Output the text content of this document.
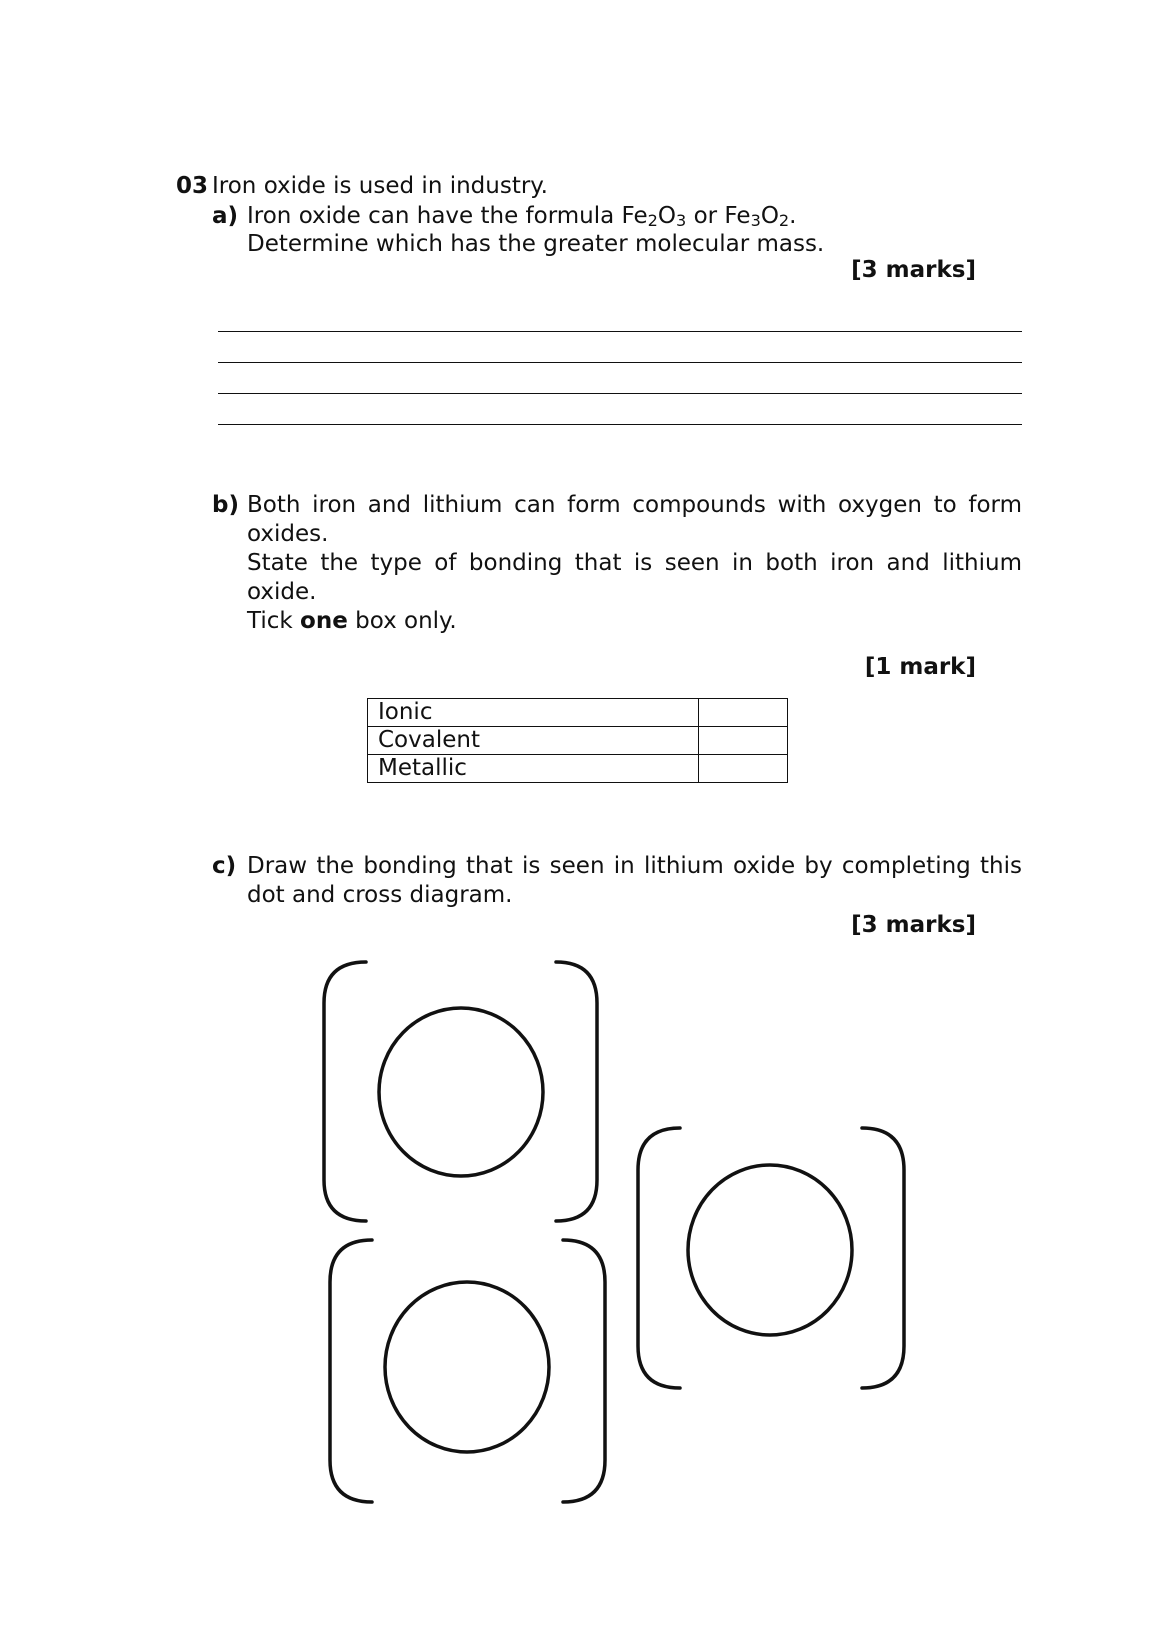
03 Iron oxide is used in industry.
a) Iron oxide can have the formula $Fe_2O_3$ or $Fe_3O_2$.
Determine which has the greater molecular mass.
[3 marks]
b) Both iron and lithium can form compounds with oxygen to form
oxides.
State the type of bonding that is seen in both iron and lithium
oxide.
Tick one box only.
[1 mark]
Ionic	
Covalent	
Metallic	
c) Draw the bonding that is seen in lithium oxide by completing this
dot and cross diagram.
[3 marks]
